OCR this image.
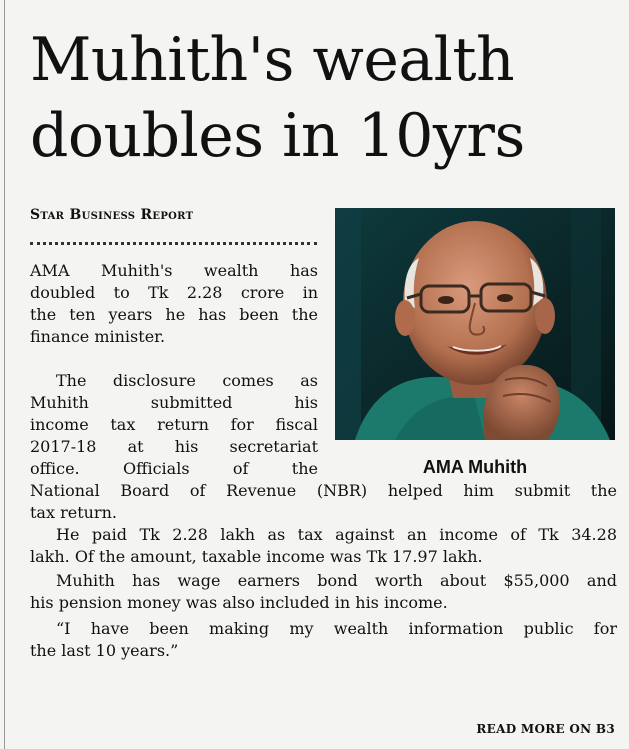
Muhith's wealth
doubles in 10yrs
Star Business Report
AMA Muhith

AMA Muhith's wealth has
doubled to Tk 2.28 crore in
the ten years he has been the
finance minister.

The disclosure comes as
Muhith submitted his
income tax return for fiscal
2017-18 at his secretariat
office. Officials of the

National Board of Revenue (NBR) helped him submit the
tax return.

He paid Tk 2.28 lakh as tax against an income of Tk 34.28
lakh. Of the amount, taxable income was Tk 17.97 lakh.

Muhith has wage earners bond worth about $55,000 and
his pension money was also included in his income.

“I have been making my wealth information public for
the last 10 years.”

READ MORE ON B3
